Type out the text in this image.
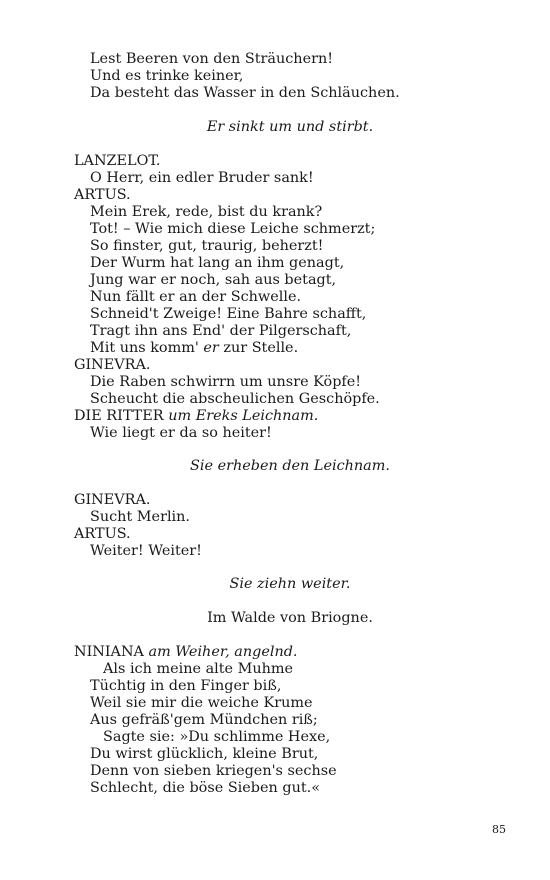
Lest Beeren von den Sträuchern!
Und es trinke keiner,
Da besteht das Wasser in den Schläuchen.
Er sinkt um und stirbt.
LANZELOT.
O Herr, ein edler Bruder sank!
ARTUS.
Mein Erek, rede, bist du krank?
Tot! – Wie mich diese Leiche schmerzt;
So finster, gut, traurig, beherzt!
Der Wurm hat lang an ihm genagt,
Jung war er noch, sah aus betagt,
Nun fällt er an der Schwelle.
Schneid't Zweige! Eine Bahre schafft,
Tragt ihn ans End' der Pilgerschaft,
Mit uns komm' er zur Stelle.
GINEVRA.
Die Raben schwirrn um unsre Köpfe!
Scheucht die abscheulichen Geschöpfe.
DIE RITTER um Ereks Leichnam.
Wie liegt er da so heiter!
Sie erheben den Leichnam.
GINEVRA.
Sucht Merlin.
ARTUS.
Weiter! Weiter!
Sie ziehn weiter.
Im Walde von Briogne.
NINIANA am Weiher, angelnd.
Als ich meine alte Muhme
Tüchtig in den Finger biß,
Weil sie mir die weiche Krume
Aus gefräß'gem Mündchen riß;
Sagte sie: »Du schlimme Hexe,
Du wirst glücklich, kleine Brut,
Denn von sieben kriegen's sechse
Schlecht, die böse Sieben gut.«
85
